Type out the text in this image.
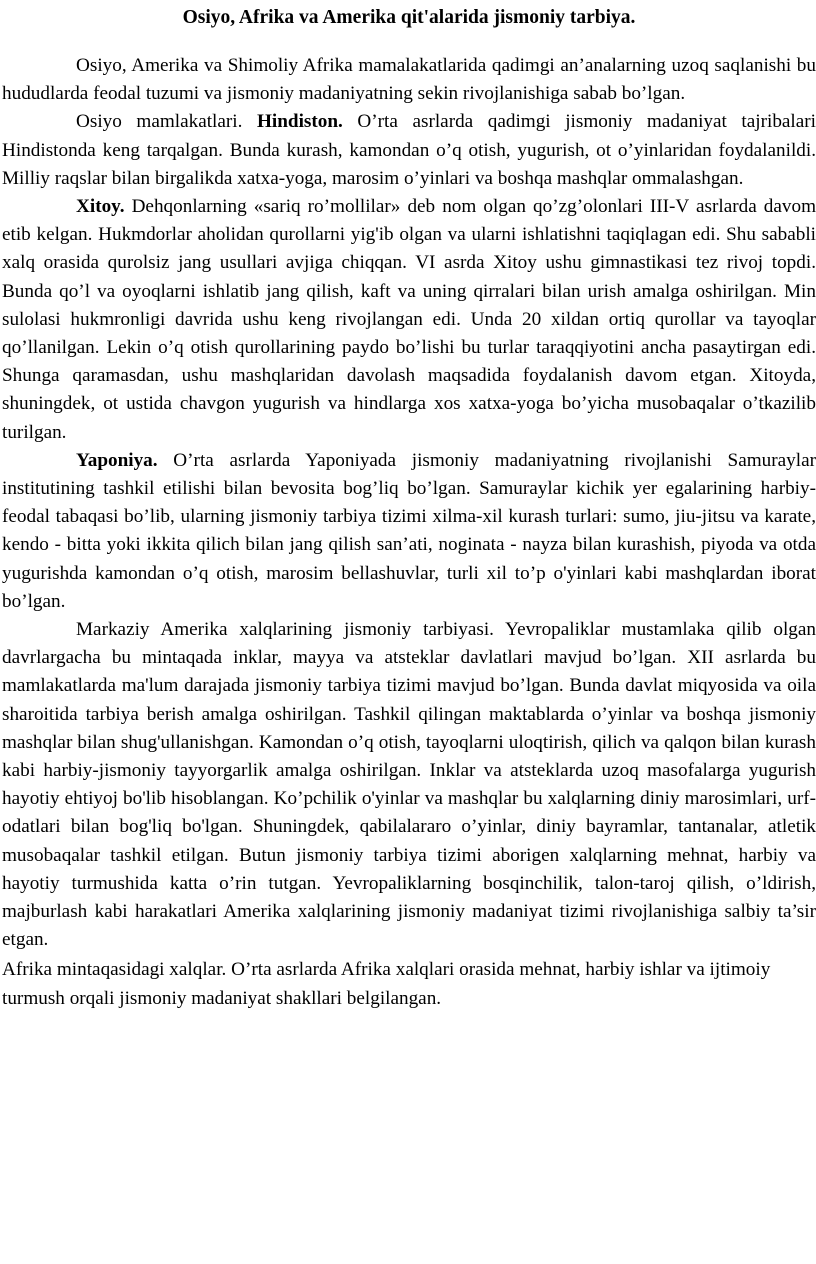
Osiyo, Afrika va Amerika qit'alarida jismoniy tarbiya.

Osiyo, Amerika va Shimoliy Afrika mamalakatlarida qadimgi an’analarning uzoq saqlanishi bu hududlarda feodal tuzumi va jismoniy madaniyatning sekin rivojlanishiga sabab bo’lgan.

Osiyo mamlakatlari. Hindiston. O’rta asrlarda qadimgi jismoniy madaniyat tajribalari Hindistonda keng tarqalgan. Bunda kurash, kamondan o’q otish, yugurish, ot o’yinlaridan foydalanildi. Milliy raqslar bilan birgalikda xatxa-yoga, marosim o’yinlari va boshqa mashqlar ommalashgan.

Xitoy. Dehqonlarning «sariq ro’mollilar» deb nom olgan qo’zg’olonlari III-V asrlarda davom etib kelgan. Hukmdorlar aholidan qurollarni yig'ib olgan va ularni ishlatishni taqiqlagan edi. Shu sababli xalq orasida qurolsiz jang usullari avjiga chiqqan. VI asrda Xitoy ushu gimnastikasi tez rivoj topdi. Bunda qo’l va oyoqlarni ishlatib jang qilish, kaft va uning qirralari bilan urish amalga oshirilgan. Min sulolasi hukmronligi davrida ushu keng rivojlangan edi. Unda 20 xildan ortiq qurollar va tayoqlar qo’llanilgan. Lekin o’q otish qurollarining paydo bo’lishi bu turlar taraqqiyotini ancha pasaytirgan edi. Shunga qaramasdan, ushu mashqlaridan davolash maqsadida foydalanish davom etgan. Xitoyda, shuningdek, ot ustida chavgon yugurish va hindlarga xos xatxa-yoga bo’yicha musobaqalar o’tkazilib turilgan.

Yaponiya. O’rta asrlarda Yaponiyada jismoniy madaniyatning rivojlanishi Samuraylar institutining tashkil etilishi bilan bevosita bog’liq bo’lgan. Samuraylar kichik yer egalarining harbiy-feodal tabaqasi bo’lib, ularning jismoniy tarbiya tizimi xilma-xil kurash turlari: sumo, jiu-jitsu va karate, kendo - bitta yoki ikkita qilich bilan jang qilish san’ati, noginata - nayza bilan kurashish, piyoda va otda yugurishda kamondan o’q otish, marosim bellashuvlar, turli xil to’p o'yinlari kabi mashqlardan iborat bo’lgan.

Markaziy Amerika xalqlarining jismoniy tarbiyasi. Yevropaliklar mustamlaka qilib olgan davrlargacha bu mintaqada inklar, mayya va atsteklar davlatlari mavjud bo’lgan. XII asrlarda bu mamlakatlarda ma'lum darajada jismoniy tarbiya tizimi mavjud bo’lgan. Bunda davlat miqyosida va oila sharoitida tarbiya berish amalga oshirilgan. Tashkil qilingan maktablarda o’yinlar va boshqa jismoniy mashqlar bilan shug'ullanishgan. Kamondan o’q otish, tayoqlarni uloqtirish, qilich va qalqon bilan kurash kabi harbiy-jismoniy tayyorgarlik amalga oshirilgan. Inklar va atsteklarda uzoq masofalarga yugurish hayotiy ehtiyoj bo'lib hisoblangan. Ko’pchilik o'yinlar va mashqlar bu xalqlarning diniy marosimlari, urf-odatlari bilan bog'liq bo'lgan. Shuningdek, qabilalararo o’yinlar, diniy bayramlar, tantanalar, atletik musobaqalar tashkil etilgan. Butun jismoniy tarbiya tizimi aborigen xalqlarning mehnat, harbiy va hayotiy turmushida katta o’rin tutgan. Yevropaliklarning bosqinchilik, talon-taroj qilish, o’ldirish, majburlash kabi harakatlari Amerika xalqlarining jismoniy madaniyat tizimi rivojlanishiga salbiy ta’sir etgan.

Afrika mintaqasidagi xalqlar. O’rta asrlarda Afrika xalqlari orasida mehnat, harbiy ishlar va ijtimoiy turmush orqali jismoniy madaniyat shakllari belgilangan.
